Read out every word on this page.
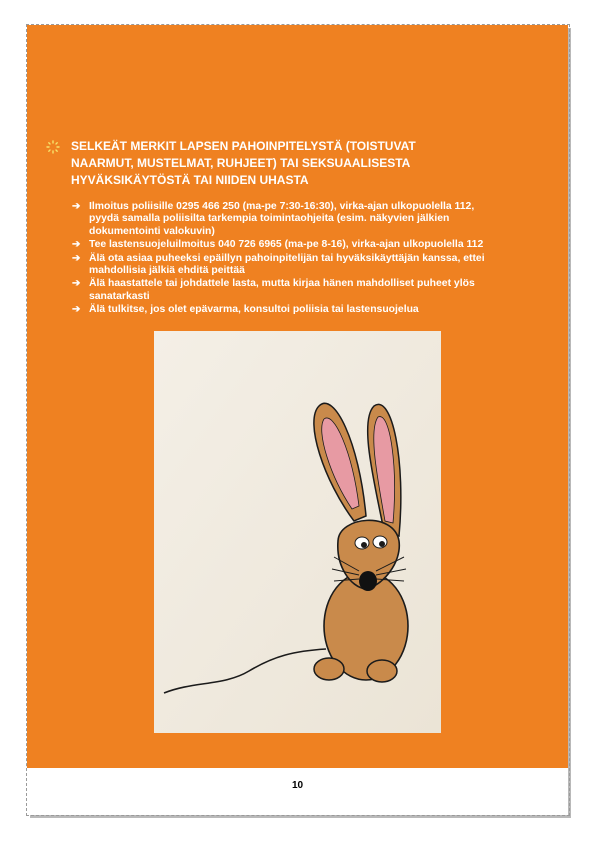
SELKEÄT MERKIT LAPSEN PAHOINPITELYSTÄ (TOISTUVAT
NAARMUT, MUSTELMAT, RUHJEET) TAI SEKSUAALISESTA
HYVÄKSIKÄYTÖSTÄ TAI NIIDEN UHASTA
➔ Ilmoitus poliisille 0295 466 250 (ma-pe 7:30-16:30), virka-ajan ulkopuolella 112,
pyydä samalla poliisilta tarkempia toimintaohjeita (esim. näkyvien jälkien
dokumentointi valokuvin)
➔ Tee lastensuojeluilmoitus 040 726 6965 (ma-pe 8-16), virka-ajan ulkopuolella 112
➔ Älä ota asiaa puheeksi epäillyn pahoinpitelijän tai hyväksikäyttäjän kanssa, ettei
mahdollisia jälkiä ehditä peittää
➔ Älä haastattele tai johdattele lasta, mutta kirjaa hänen mahdolliset puheet ylös
sanatarkasti
➔ Älä tulkitse, jos olet epävarma, konsultoi poliisia tai lastensuojelua
10
